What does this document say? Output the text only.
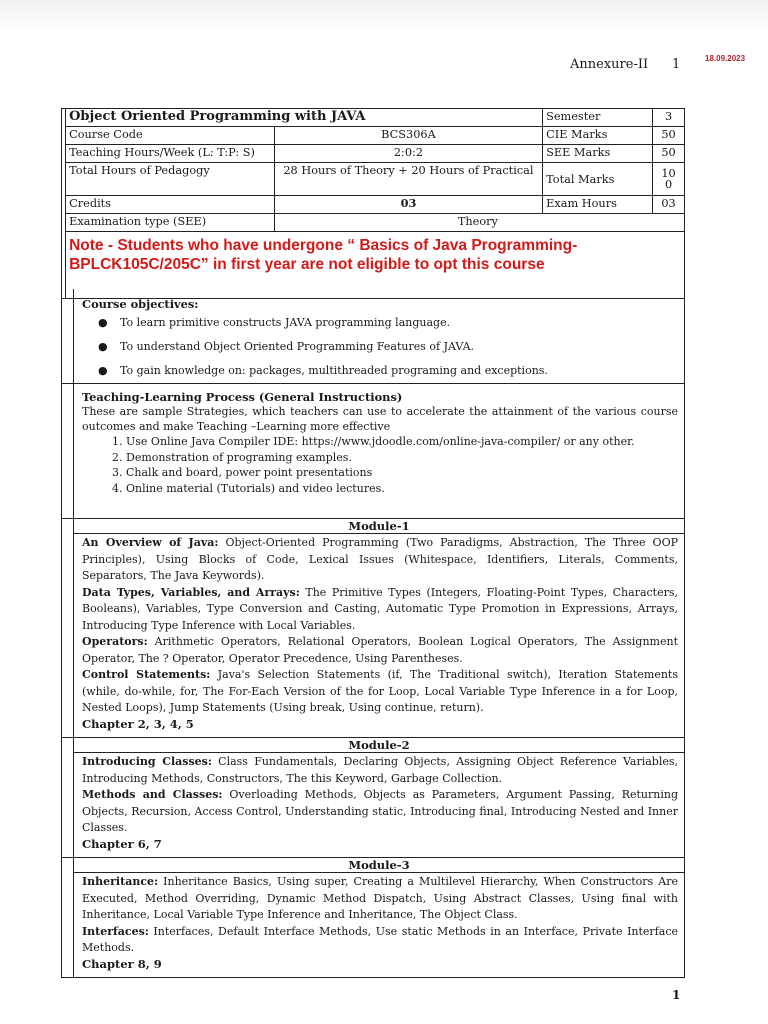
18.09.2023
Annexure-II 1
	Object Oriented Programming with JAVA		Semester	3
	Course Code	BCS306A	CIE Marks	50
	Teaching Hours/Week (L: T:P: S)	2:0:2	SEE Marks	50
	Total Hours of Pedagogy	28 Hours of Theory + 20 Hours of Practical	Total Marks	10
0
	Credits	03	Exam Hours	03
	Examination type (SEE)	Theory		
	Note - Students who have undergone “ Basics of Java Programming-BPLCK105C/205C” in first year are not eligible to opt this course			
Course objectives:
● To learn primitive constructs JAVA programming language.
● To understand Object Oriented Programming Features of JAVA.
● To gain knowledge on: packages, multithreaded programing and exceptions.
Teaching-Learning Process (General Instructions)
These are sample Strategies, which teachers can use to accelerate the attainment of the various course outcomes and make Teaching –Learning more effective
1. Use Online Java Compiler IDE: https://www.jdoodle.com/online-java-compiler/ or any other.
2. Demonstration of programing examples.
3. Chalk and board, power point presentations
4. Online material (Tutorials) and video lectures.
Module-1
An Overview of Java: Object-Oriented Programming (Two Paradigms, Abstraction, The Three OOP Principles), Using Blocks of Code, Lexical Issues (Whitespace, Identifiers, Literals, Comments, Separators, The Java Keywords).
Data Types, Variables, and Arrays: The Primitive Types (Integers, Floating-Point Types, Characters, Booleans), Variables, Type Conversion and Casting, Automatic Type Promotion in Expressions, Arrays, Introducing Type Inference with Local Variables.
Operators: Arithmetic Operators, Relational Operators, Boolean Logical Operators, The Assignment Operator, The ? Operator, Operator Precedence, Using Parentheses.
Control Statements: Java's Selection Statements (if, The Traditional switch), Iteration Statements (while, do-while, for, The For-Each Version of the for Loop, Local Variable Type Inference in a for Loop, Nested Loops), Jump Statements (Using break, Using continue, return).
Chapter 2, 3, 4, 5
Module-2
Introducing Classes: Class Fundamentals, Declaring Objects, Assigning Object Reference Variables, Introducing Methods, Constructors, The this Keyword, Garbage Collection.
Methods and Classes: Overloading Methods, Objects as Parameters, Argument Passing, Returning Objects, Recursion, Access Control, Understanding static, Introducing final, Introducing Nested and Inner Classes.
Chapter 6, 7
Module-3
Inheritance: Inheritance Basics, Using super, Creating a Multilevel Hierarchy, When Constructors Are Executed, Method Overriding, Dynamic Method Dispatch, Using Abstract Classes, Using final with Inheritance, Local Variable Type Inference and Inheritance, The Object Class.
Interfaces: Interfaces, Default Interface Methods, Use static Methods in an Interface, Private Interface Methods.
Chapter 8, 9
1
